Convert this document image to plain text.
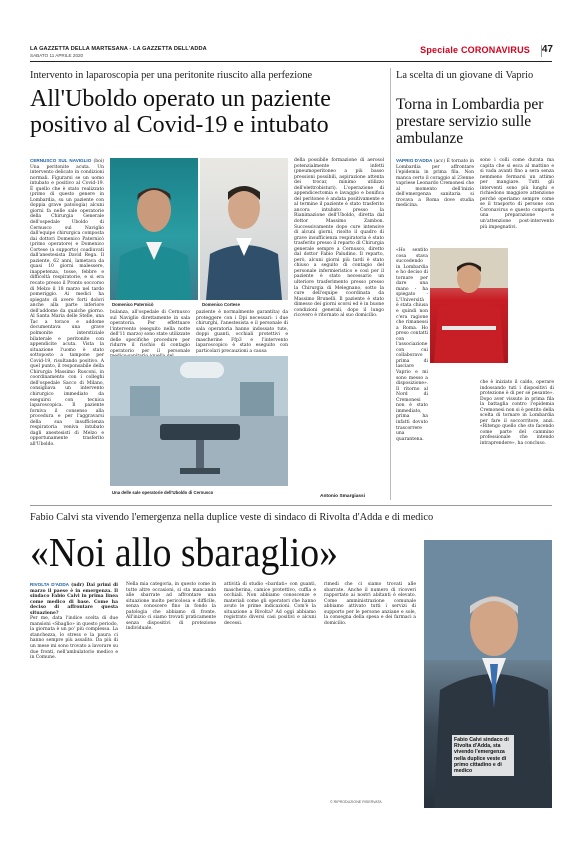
LA GAZZETTA DELLA MARTESANA - LA GAZZETTA DELL'ADDA
SABATO 11 APRILE 2020
Speciale CORONAVIRUS 47
Intervento in laparoscopia per una peritonite riuscito alla perfezione
All'Uboldo operato un paziente positivo al Covid-19 e intubato

CERNUSCO SUL NAVIGLIO (boi) Una peritonite acuta. Un intervento delicato in condizioni normali. Figurarsi se un uomo intubato e positivo al Covid-19. È quello che è stato realizzato (primo di questo genere in Lombardia, su un paziente con doppia grave patologia) alcuni giorni fa nelle sale operatorie della Chirurgia Generale dell'ospedale Uboldo di Cernusco sul Naviglio dall'equipe chirurgica composta dai dottori Domenico Paternicò (primo operatore) e Domenico Cortese (a supporto) coadiuvati dall'anestesista David Rega. Il paziente, 62 anni, lametava da quasi 10 giorni malessere, inappetenza, tosse, febbre e difficoltà respiratorie, e si era recato presso il Pronto soccorso di Melzo il 18 marzo nel tardo pomeriggio. Ai medici ha spiegato di avere forti dolori anche alla parte inferiore dell'addome da qualche giorno. Al Santa Maria delle Stelle, una Tac a torace e addome documentava una grave polmonite interstiziale bilaterale e peritonite con appendicite acuta. Vista la situazione l'uomo è stato sottoposto a tampone per Covid-19, risultando positivo. A quel punto, il responsabile della Chirurgia Massimo Rusconi, in coordinamento con i colleghi dell'ospedale Sacco di Milano, consigliava un intervento chirurgico immediato da eseguirsi con tecnica laparoscopica. Il paziente forniva il consenso alla procedura e per l'aggravarsi della sua insufficienza respiratoria veniva intubato dagli anestesisti di Melzo e opportunamente trasferito all'Uboldo.

Domenico Paternicò	Domenico Cortese

bulanza, all'ospedale di Cernusco sul Naviglio direttamente in sala operatoria. Per effettuare l'intervento (eseguito nella notte dell'11 marzo) sono state utilizzate delle specifiche procedure per ridurre il rischio di contagio operatorio per il personale

paziente è normalmente garantita) da proteggere con i Dpi necessari: i due chirurghi, l'anestesista e il personale di sala operatoria hanno indossato tute, doppi guanti, occhiali protettivi e mascherine Ffp3 e l'intervento laparoscopico è stato eseguito con particolari precauzioni a causa

Una delle sale operatorie dell'Uboldo di Cernusco

della possibile formazione di aerosol potenzialmente infetti (pneumoperitoneo a più basso pressioni possibili, aspirazione attenta dei trocar, minimo utilizzo dell'elettrobisturi). L'operazione di appendicectomia e lavaggio e bonifica del peritoneo è andata positivamente e al termine il paziente è stato trasferito ancora intubato presso la Rianimazione dell'Uboldo, diretta dal dottor Massimo Zambon. Successivamente dopo cure intensive di alcuni giorni, risolto il quadro di grave insufficienza respiratoria è stato trasferito presso il reparto di Chirurgia generale sempre a Cernusco, diretto dal dottor Fabio Paludino. Il reparto, però, alcuni giorni più tardi è stato chiuso a seguito di contagio del personale infermieristico e così per il paziente è stato necessario un ulteriore trasferimento presso presso la Chirurgia di Melegnano, sotto la cure dell'equipe coordinata da Massimo Brunelli. Il paziente è stato dimesso dei giorni scorsi ed è in buone condizioni generali, dopo il lungo ricovero è ritornato al suo domicilio.

Antonio Smargiassi
La scelta di un giovane di Vaprio
Torna in Lombardia per prestare servizio sulle ambulanze

VAPRIO D'ADDA (acc) È tornato in Lombardia per affrontare l'epidemia in prima fila. Non manca certo il coraggio al 23enne vapriese Leonardo Cremonesi che al momento dell'inizio dell'emergenza sanitaria si trovava a Roma dove studia medicina.

«Ho sentito cosa stava succedendo in Lombardia e ho deciso di tornare per dare una mano - ha spiegato - L'Università è stata chiusa e quindi non c'era ragione che rimanessi a Roma. Ho preso contatti con l'associazione con cui collaboravo prima di lasciare Vaprio e mi sono messo a disposizione». Il ritorno al Nord di Cremonesi non è stato immediato, prima ha infatti dovuto trascorrere una quarantena.

sono i colli come durata ma capita che si esca al mattino e si vada avanti fino a sera senza nemmeno fermarsi un attimo per mangiare. Tutti gli interventi sono più lunghi e richiedono maggiore attenzione perché operiamo sempre come se il trasporto di persone con Coronavirus e questo comporta una preparazione e un'attenzione post-intervento più impegnativi.

che è iniziato il caldo, operare indossando tuti i dispositivi di protezione è di per sé pesante». Dopo aver vissuto in prima fila la battaglia contro l'epidemia Cremonesi non si è pentito della scelta di tornare in Lombardia per fare il soccorritore, anzi. «Ritengo quello che sto facendo come parte del cammino professionale che intendo intraprendere», ha concluso.

Fabio Calvi sta vivendo l'emergenza nella duplice veste di sindaco di Rivolta d'Adda e di medico
«Noi allo sbaraglio»

RIVOLTA D'ADDA (ndr) Dai primi di marzo il paese è in emergenza. Il sindaco Fabio Calvi in prima linea come medico di base. Come ha deciso di affrontare questa situazione?

Per me, data l'indice scelta di due mansioni «Sbaglio» in questo periodo, la giornata è un po' più complessa. La stanchezza, lo stress e la paura ci hanno sempre più assalito. Da più di un mese mi sono trovato a lavorare su due fronti, nell'ambulatorio medico e in Comune.

Nella mia categoria, in questo come in tutte altre occasioni, si sta mancando alle sbarrate ad affrontare una situazione molto pericolosa e difficile, senza conoscere fino in fondo la patologia che abbiamo di fronte. All'inizio ci siamo trovati praticamente senza dispositivi di protezione individuale.

attività di studio «bardati» con guanti, mascherina, camice protettivo, cuffia e occhiali. Non abbiamo conoscenze e materiali come gli operatori che hanno avuto le prime indicazioni. Com'è la situazione a Rivolta? Ad oggi abbiamo registrato diversi casi positivi e alcuni decessi.

rimedi che ci siamo trovati alle sbarrate. Anche il numero di ricoveri rapportato ai nostri abitanti è elevato. Come amministrazione comunale abbiamo attivato tutti i servizi di supporto per le persone anziane e sole, la consegna della spesa e dei farmaci a domicilio.

Fabio Calvi sindaco di Rivolta d'Adda, sta vivendo l'emergenza nella duplice veste di primo cittadino e di medico
© RIPRODUZIONE RISERVATA
